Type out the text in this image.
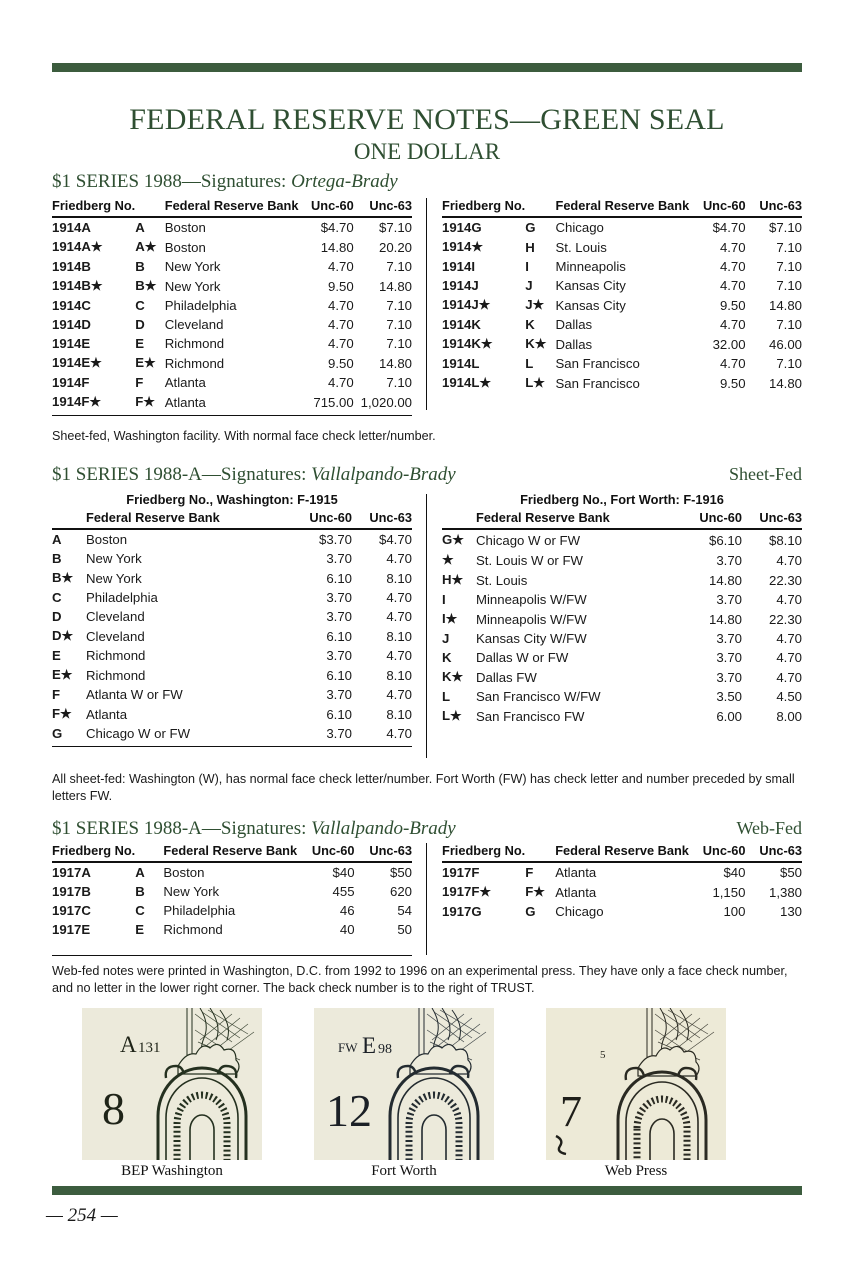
FEDERAL RESERVE NOTES—GREEN SEAL
ONE DOLLAR
$1 SERIES 1988—Signatures: Ortega-Brady
Friedberg No.		Federal Reserve Bank	Unc-60	Unc-63
1914A	A	Boston	$4.70	$7.10
1914A★	A★	Boston	14.80	20.20
1914B	B	New York	4.70	7.10
1914B★	B★	New York	9.50	14.80
1914C	C	Philadelphia	4.70	7.10
1914D	D	Cleveland	4.70	7.10
1914E	E	Richmond	4.70	7.10
1914E★	E★	Richmond	9.50	14.80
1914F	F	Atlanta	4.70	7.10
1914F★	F★	Atlanta	715.00	1,020.00
Friedberg No.		Federal Reserve Bank	Unc-60	Unc-63
1914G	G	Chicago	$4.70	$7.10
1914★	H	St. Louis	4.70	7.10
1914I	I	Minneapolis	4.70	7.10
1914J	J	Kansas City	4.70	7.10
1914J★	J★	Kansas City	9.50	14.80
1914K	K	Dallas	4.70	7.10
1914K★	K★	Dallas	32.00	46.00
1914L	L	San Francisco	4.70	7.10
1914L★	L★	San Francisco	9.50	14.80
Sheet-fed, Washington facility. With normal face check letter/number.
$1 SERIES 1988-A—Signatures: Vallalpando-Brady	Sheet-Fed
Friedberg No., Washington: F-1915
	Federal Reserve Bank	Unc-60	Unc-63
A	Boston	$3.70	$4.70
B	New York	3.70	4.70
B★	New York	6.10	8.10
C	Philadelphia	3.70	4.70
D	Cleveland	3.70	4.70
D★	Cleveland	6.10	8.10
E	Richmond	3.70	4.70
E★	Richmond	6.10	8.10
F	Atlanta W or FW	3.70	4.70
F★	Atlanta	6.10	8.10
G	Chicago W or FW	3.70	4.70
Friedberg No., Fort Worth: F-1916
	Federal Reserve Bank	Unc-60	Unc-63
G★	Chicago W or FW	$6.10	$8.10
★	St. Louis W or FW	3.70	4.70
H★	St. Louis	14.80	22.30
I	Minneapolis W/FW	3.70	4.70
I★	Minneapolis W/FW	14.80	22.30
J	Kansas City W/FW	3.70	4.70
K	Dallas W or FW	3.70	4.70
K★	Dallas FW	3.70	4.70
L	San Francisco W/FW	3.50	4.50
L★	San Francisco FW	6.00	8.00
All sheet-fed: Washington (W), has normal face check letter/number. Fort Worth (FW) has check letter and number preceded by small letters FW.
$1 SERIES 1988-A—Signatures: Vallalpando-Brady	Web-Fed
Friedberg No.		Federal Reserve Bank	Unc-60	Unc-63
1917A	A	Boston	$40	$50
1917B	B	New York	455	620
1917C	C	Philadelphia	46	54
1917E	E	Richmond	40	50
Friedberg No.		Federal Reserve Bank	Unc-60	Unc-63
1917F	F	Atlanta	$40	$50
1917F★	F★	Atlanta	1,150	1,380
1917G	G	Chicago	100	130
Web-fed notes were printed in Washington, D.C. from 1992 to 1996 on an experimental press. They have only a face check number, and no letter in the lower right corner. The back check number is to the right of TRUST.
A 131
8
FW E 98
12
5
7
BEP Washington	Fort Worth	Web Press
— 254 —
